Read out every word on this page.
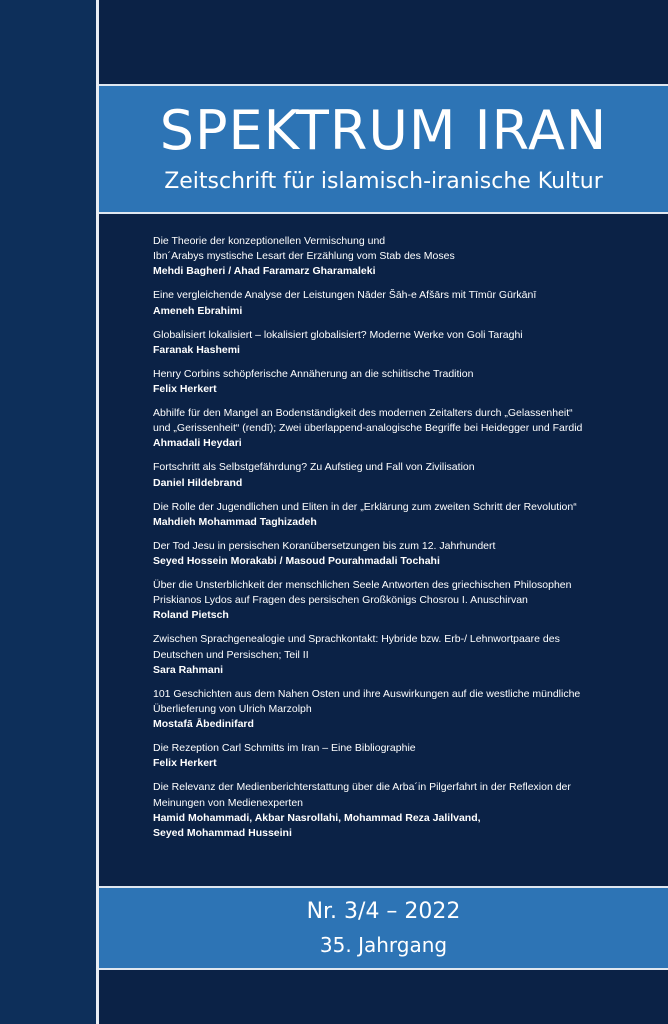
SPEKTRUM IRAN
Zeitschrift für islamisch-iranische Kultur
Die Theorie der konzeptionellen Vermischung und
Ibn´Arabys mystische Lesart der Erzählung vom Stab des Moses
Mehdi Bagheri / Ahad Faramarz Gharamaleki
Eine vergleichende Analyse der Leistungen Nāder Šāh-e Afšārs mit Tīmūr Gūrkānī
Ameneh Ebrahimi
Globalisiert lokalisiert – lokalisiert globalisiert? Moderne Werke von Goli Taraghi
Faranak Hashemi
Henry Corbins schöpferische Annäherung an die schiitische Tradition
Felix Herkert
Abhilfe für den Mangel an Bodenständigkeit des modernen Zeitalters durch „Gelassenheit“
und „Gerissenheit“ (rendī); Zwei überlappend-analogische Begriffe bei Heidegger und Fardid
Ahmadali Heydari
Fortschritt als Selbstgefährdung? Zu Aufstieg und Fall von Zivilisation
Daniel Hildebrand
Die Rolle der Jugendlichen und Eliten in der „Erklärung zum zweiten Schritt der Revolution“
Mahdieh Mohammad Taghizadeh
Der Tod Jesu in persischen Koranübersetzungen bis zum 12. Jahrhundert
Seyed Hossein Morakabi / Masoud Pourahmadali Tochahi
Über die Unsterblichkeit der menschlichen Seele Antworten des griechischen Philosophen
Priskianos Lydos auf Fragen des persischen Großkönigs Chosrou I. Anuschirvan
Roland Pietsch
Zwischen Sprachgenealogie und Sprachkontakt: Hybride bzw. Erb-/ Lehnwortpaare des
Deutschen und Persischen; Teil II
Sara Rahmani
101 Geschichten aus dem Nahen Osten und ihre Auswirkungen auf die westliche mündliche
Überlieferung von Ulrich Marzolph
Mostafā Ābedinifard
Die Rezeption Carl Schmitts im Iran – Eine Bibliographie
Felix Herkert
Die Relevanz der Medienberichterstattung über die Arba´in Pilgerfahrt in der Reflexion der
Meinungen von Medienexperten
Hamid Mohammadi, Akbar Nasrollahi, Mohammad Reza Jalilvand,
Seyed Mohammad Husseini
Nr. 3/4 – 2022
35. Jahrgang
